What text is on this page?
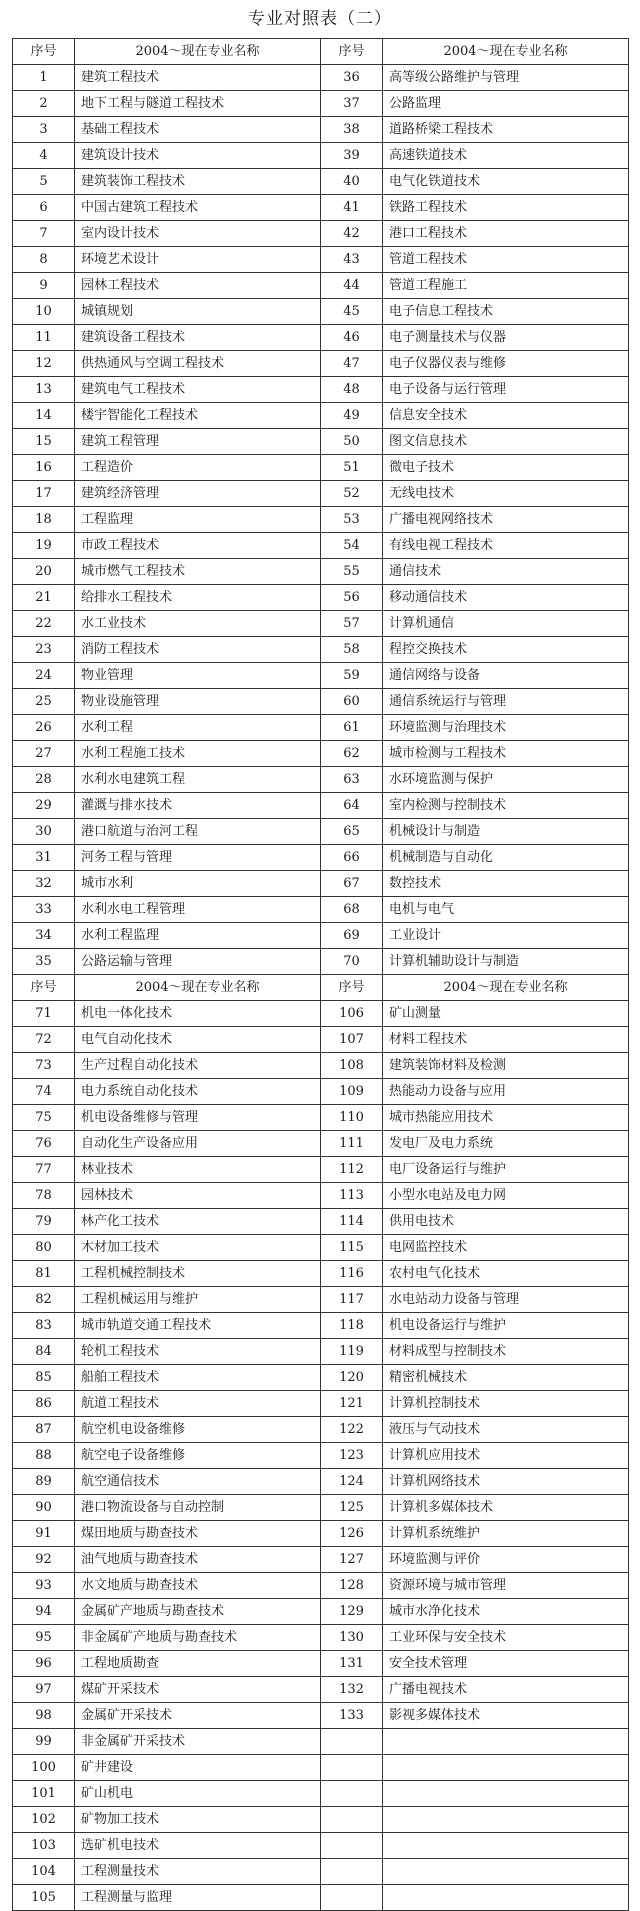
专业对照表（二）
序号	2004～现在专业名称	序号	2004～现在专业名称
1	建筑工程技术	36	高等级公路维护与管理
2	地下工程与隧道工程技术	37	公路监理
3	基础工程技术	38	道路桥梁工程技术
4	建筑设计技术	39	高速铁道技术
5	建筑装饰工程技术	40	电气化铁道技术
6	中国古建筑工程技术	41	铁路工程技术
7	室内设计技术	42	港口工程技术
8	环境艺术设计	43	管道工程技术
9	园林工程技术	44	管道工程施工
10	城镇规划	45	电子信息工程技术
11	建筑设备工程技术	46	电子测量技术与仪器
12	供热通风与空调工程技术	47	电子仪器仪表与维修
13	建筑电气工程技术	48	电子设备与运行管理
14	楼宇智能化工程技术	49	信息安全技术
15	建筑工程管理	50	图文信息技术
16	工程造价	51	微电子技术
17	建筑经济管理	52	无线电技术
18	工程监理	53	广播电视网络技术
19	市政工程技术	54	有线电视工程技术
20	城市燃气工程技术	55	通信技术
21	给排水工程技术	56	移动通信技术
22	水工业技术	57	计算机通信
23	消防工程技术	58	程控交换技术
24	物业管理	59	通信网络与设备
25	物业设施管理	60	通信系统运行与管理
26	水利工程	61	环境监测与治理技术
27	水利工程施工技术	62	城市检测与工程技术
28	水利水电建筑工程	63	水环境监测与保护
29	灌溉与排水技术	64	室内检测与控制技术
30	港口航道与治河工程	65	机械设计与制造
31	河务工程与管理	66	机械制造与自动化
32	城市水利	67	数控技术
33	水利水电工程管理	68	电机与电气
34	水利工程监理	69	工业设计
35	公路运输与管理	70	计算机辅助设计与制造
序号	2004～现在专业名称	序号	2004～现在专业名称
71	机电一体化技术	106	矿山测量
72	电气自动化技术	107	材料工程技术
73	生产过程自动化技术	108	建筑装饰材料及检测
74	电力系统自动化技术	109	热能动力设备与应用
75	机电设备维修与管理	110	城市热能应用技术
76	自动化生产设备应用	111	发电厂及电力系统
77	林业技术	112	电厂设备运行与维护
78	园林技术	113	小型水电站及电力网
79	林产化工技术	114	供用电技术
80	木材加工技术	115	电网监控技术
81	工程机械控制技术	116	农村电气化技术
82	工程机械运用与维护	117	水电站动力设备与管理
83	城市轨道交通工程技术	118	机电设备运行与维护
84	轮机工程技术	119	材料成型与控制技术
85	船舶工程技术	120	精密机械技术
86	航道工程技术	121	计算机控制技术
87	航空机电设备维修	122	液压与气动技术
88	航空电子设备维修	123	计算机应用技术
89	航空通信技术	124	计算机网络技术
90	港口物流设备与自动控制	125	计算机多媒体技术
91	煤田地质与勘查技术	126	计算机系统维护
92	油气地质与勘查技术	127	环境监测与评价
93	水文地质与勘查技术	128	资源环境与城市管理
94	金属矿产地质与勘查技术	129	城市水净化技术
95	非金属矿产地质与勘查技术	130	工业环保与安全技术
96	工程地质勘查	131	安全技术管理
97	煤矿开采技术	132	广播电视技术
98	金属矿开采技术	133	影视多媒体技术
99	非金属矿开采技术		
100	矿井建设		
101	矿山机电		
102	矿物加工技术		
103	选矿机电技术		
104	工程测量技术		
105	工程测量与监理		
